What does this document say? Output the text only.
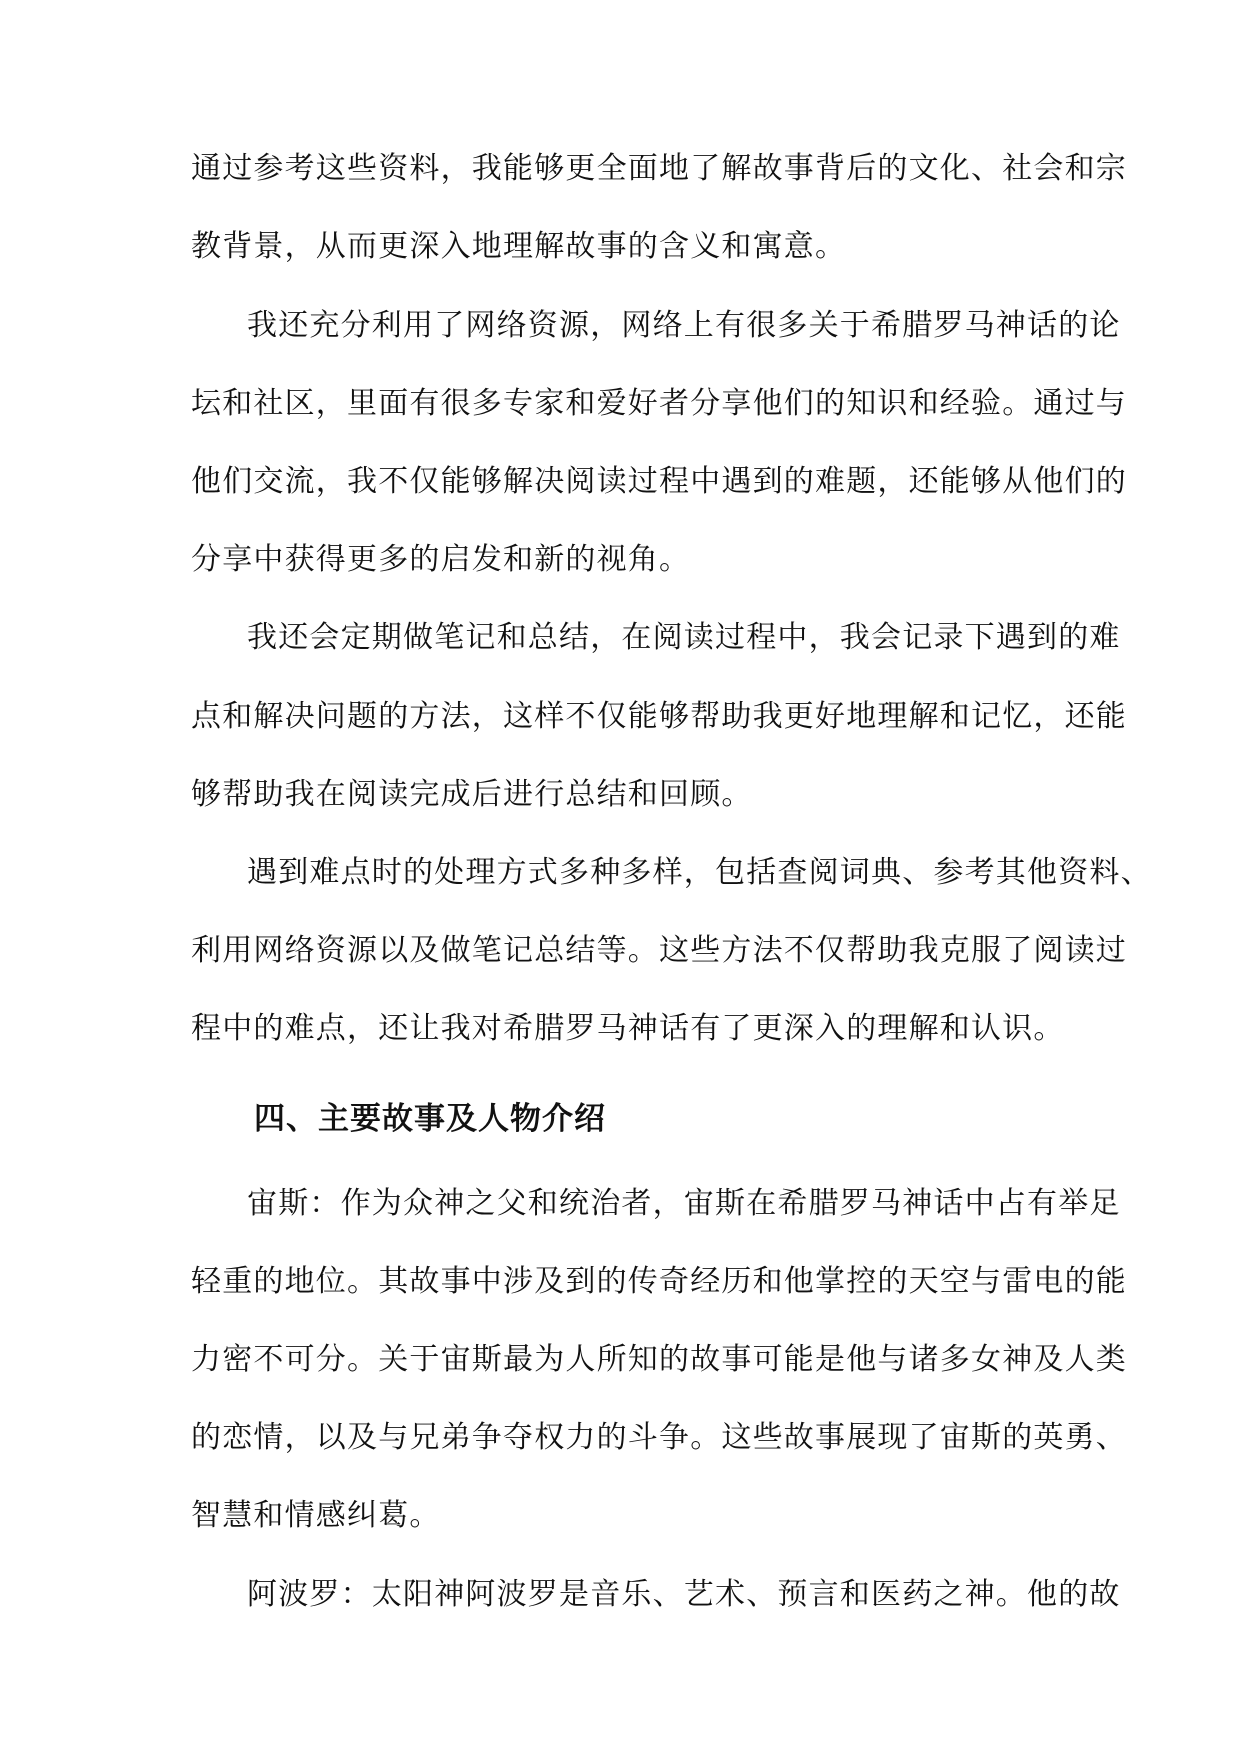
通过参考这些资料，我能够更全面地了解故事背后的文化、社会和宗
教背景，从而更深入地理解故事的含义和寓意。
我还充分利用了网络资源，网络上有很多关于希腊罗马神话的论
坛和社区，里面有很多专家和爱好者分享他们的知识和经验。通过与
他们交流，我不仅能够解决阅读过程中遇到的难题，还能够从他们的
分享中获得更多的启发和新的视角。
我还会定期做笔记和总结，在阅读过程中，我会记录下遇到的难
点和解决问题的方法，这样不仅能够帮助我更好地理解和记忆，还能
够帮助我在阅读完成后进行总结和回顾。
遇到难点时的处理方式多种多样，包括查阅词典、参考其他资料、
利用网络资源以及做笔记总结等。这些方法不仅帮助我克服了阅读过
程中的难点，还让我对希腊罗马神话有了更深入的理解和认识。
四、主要故事及人物介绍
宙斯：作为众神之父和统治者，宙斯在希腊罗马神话中占有举足
轻重的地位。其故事中涉及到的传奇经历和他掌控的天空与雷电的能
力密不可分。关于宙斯最为人所知的故事可能是他与诸多女神及人类
的恋情，以及与兄弟争夺权力的斗争。这些故事展现了宙斯的英勇、
智慧和情感纠葛。
阿波罗：太阳神阿波罗是音乐、艺术、预言和医药之神。他的故
